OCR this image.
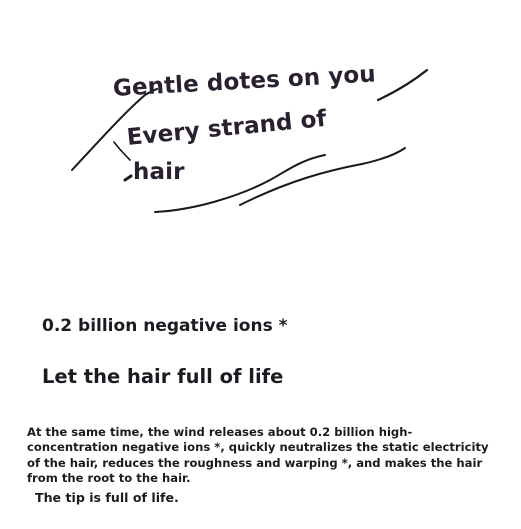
Gentle dotes on you
Every strand of
hair
0.2 billion negative ions *
Let the hair full of life

At the same time, the wind releases about 0.2 billion high-concentration negative ions *, quickly neutralizes the static electricity of the hair, reduces the roughness and warping *, and makes the hair from the root to the hair.

The tip is full of life.
